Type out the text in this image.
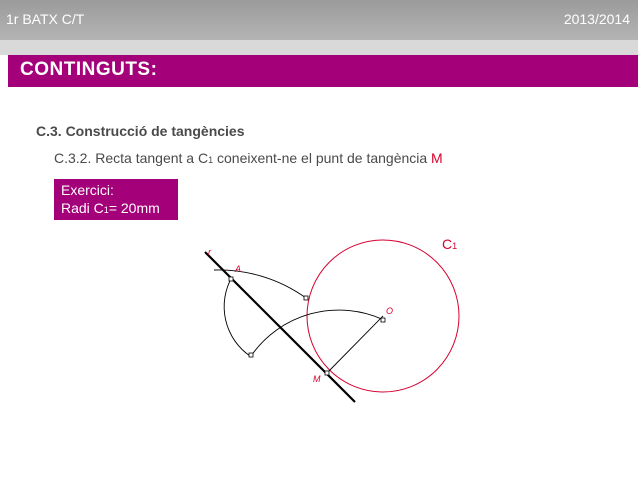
1r BATX C/T	2013/2014
CONTINGUTS:
C.3. Construcció de tangències
C.3.2. Recta tangent a C1 coneixent-ne el punt de tangència M
Exercici:
Radi C1= 20mm
C1
r
A
O
M
